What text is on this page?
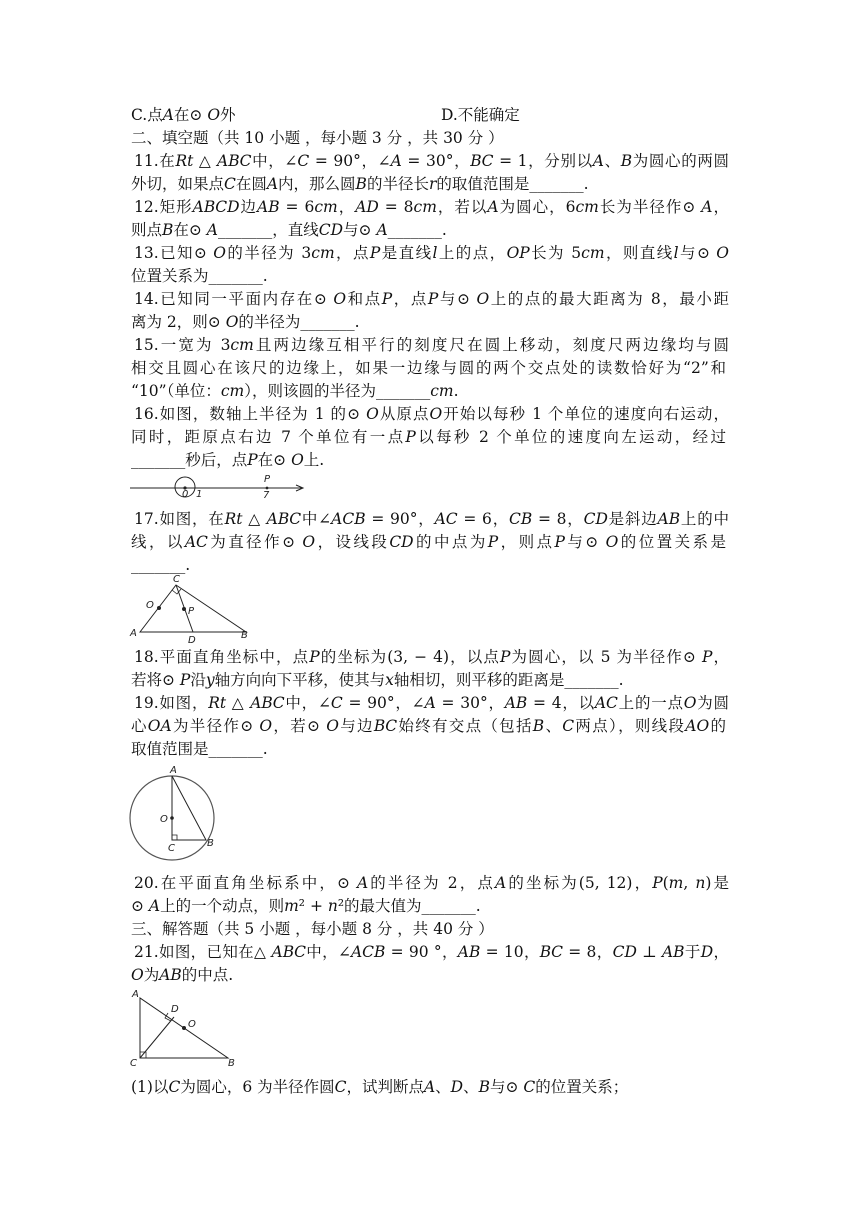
C.点𝐴在⊙ 𝑂外	D.不能确定
二、填空题（共 10 小题 ，每小题 3 分 ，共 30 分 ）
11.在𝑅𝑡 △ 𝐴𝐵𝐶中，∠𝐶 = 90°，∠𝐴 = 30°，𝐵𝐶 = 1，分别以𝐴、𝐵为圆心的两圆
外切，如果点𝐶在圆𝐴内，那么圆𝐵的半径长𝑟的取值范围是_______.
12.矩形𝐴𝐵𝐶𝐷边𝐴𝐵 = 6𝑐𝑚，𝐴𝐷 = 8𝑐𝑚，若以𝐴为圆心，6𝑐𝑚长为半径作⊙ 𝐴，
则点𝐵在⊙ 𝐴_______，直线𝐶𝐷与⊙ 𝐴_______.
13.已知⊙ 𝑂的半径为 3𝑐𝑚，点𝑃是直线𝑙上的点，𝑂𝑃长为 5𝑐𝑚，则直线𝑙与⊙ 𝑂
位置关系为_______.
14.已知同一平面内存在⊙ 𝑂和点𝑃，点𝑃与⊙ 𝑂上的点的最大距离为 8，最小距
离为 2，则⊙ 𝑂的半径为_______.
15.一宽为 3𝑐𝑚且两边缘互相平行的刻度尺在圆上移动，刻度尺两边缘均与圆
相交且圆心在该尺的边缘上，如果一边缘与圆的两个交点处的读数恰好为“2”和
“10”（单位：𝑐𝑚），则该圆的半径为_______𝑐𝑚.
16.如图，数轴上半径为 1 的⊙ 𝑂从原点𝑂开始以每秒 1 个单位的速度向右运动，
同时，距原点右边 7 个单位有一点𝑃以每秒 2 个单位的速度向左运动，经过
_______秒后，点𝑃在⊙ 𝑂上.
0 1
P
7
17.如图，在𝑅𝑡 △ 𝐴𝐵𝐶中∠𝐴𝐶𝐵 = 90°，𝐴𝐶 = 6，𝐶𝐵 = 8，𝐶𝐷是斜边𝐴𝐵上的中
线，以𝐴𝐶为直径作⊙ 𝑂，设线段𝐶𝐷的中点为𝑃，则点𝑃与⊙ 𝑂的位置关系是
_______.
C
O
P
A
D	B
18.平面直角坐标中，点𝑃的坐标为(3, − 4)，以点𝑃为圆心，以 5 为半径作⊙ 𝑃，
若将⊙ 𝑃沿𝑦轴方向向下平移，使其与𝑥轴相切，则平移的距离是_______.
19.如图，𝑅𝑡 △ 𝐴𝐵𝐶中，∠𝐶 = 90°，∠𝐴 = 30°，𝐴𝐵 = 4，以𝐴𝐶上的一点𝑂为圆
心𝑂𝐴为半径作⊙ 𝑂，若⊙ 𝑂与边𝐵𝐶始终有交点（包括𝐵、𝐶两点），则线段𝐴𝑂的
取值范围是_______.
A
O
C	B
20.在平面直角坐标系中，⊙ 𝐴的半径为 2，点𝐴的坐标为(5, 12)，𝑃(𝑚, 𝑛)是
⊙ 𝐴上的一个动点，则𝑚² + 𝑛²的最大值为_______.
三、解答题（共 5 小题 ，每小题 8 分 ，共 40 分 ）
21.如图，已知在△ 𝐴𝐵𝐶中，∠𝐴𝐶𝐵 = 90 °，𝐴𝐵 = 10，𝐵𝐶 = 8，𝐶𝐷 ⊥ 𝐴𝐵于𝐷，
𝑂为𝐴𝐵的中点.
A
D
O
C	B
(1)以𝐶为圆心，6 为半径作圆𝐶，试判断点𝐴、𝐷、𝐵与⊙ 𝐶的位置关系；
